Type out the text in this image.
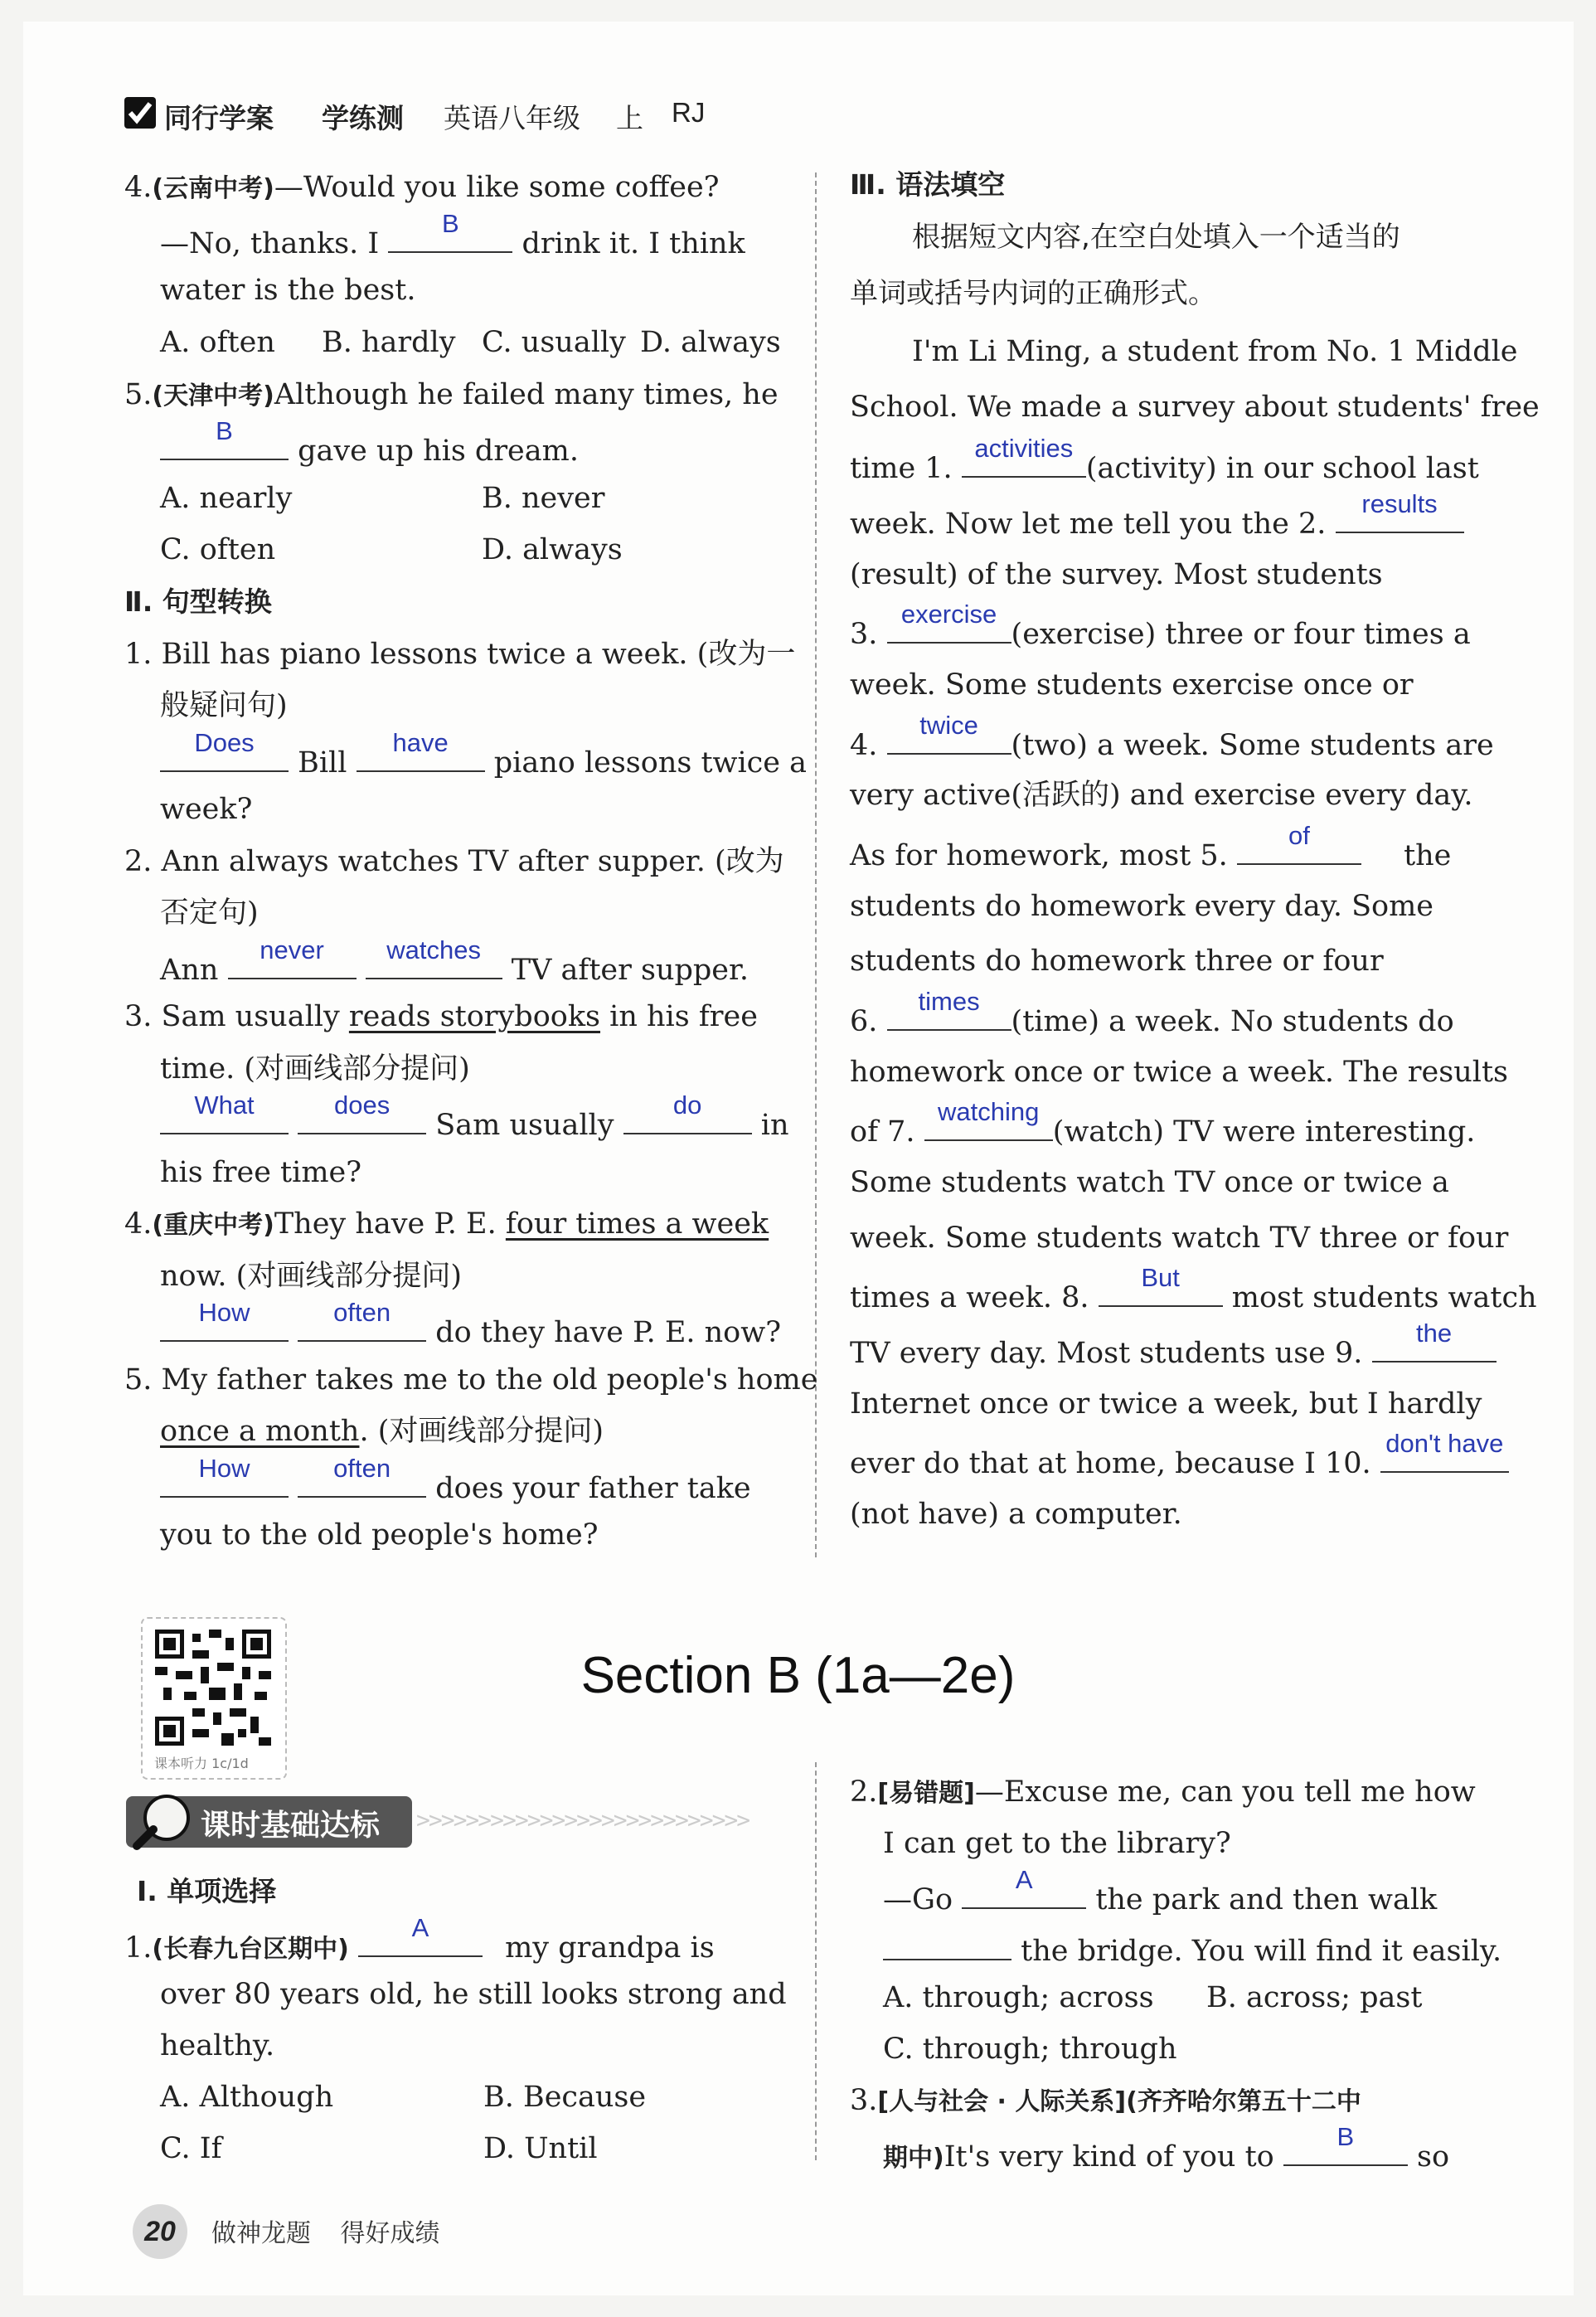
同行学案 学练测 英语八年级 上 RJ
4.(云南中考)—Would you like some coffee?
—No, thanks. I
B
drink it. I think
water is the best.
A. often B. hardly C. usually D. always
5.(天津中考)Although he failed many times, he
B
gave up his dream.
A. nearly	B. never
C. often	D. always
Ⅱ. 句型转换
1. Bill has piano lessons twice a week. (改为一
般疑问句)
Does
Bill
have
piano lessons twice a
week?
2. Ann always watches TV after supper. (改为
否定句)
Ann
never
	watches
TV after supper.
3. Sam usually reads storybooks in his free
time. (对画线部分提问)
What
	does
Sam usually
do
in
his free time?
4.(重庆中考)They have P. E. four times a week
now. (对画线部分提问)
How
	often
do they have P. E. now?
5. My father takes me to the old people's home
once a month. (对画线部分提问)
How
	often
does your father take
you to the old people's home?
Ⅲ. 语法填空
根据短文内容,在空白处填入一个适当的
单词或括号内词的正确形式。
I'm Li Ming, a student from No. 1 Middle
School. We made a survey about students' free
time 1.
activities
(activity) in our school last
week. Now let me tell you the 2.
results
(result) of the survey. Most students
3.
exercise
(exercise) three or four times a
week. Some students exercise once or
4.
twice
(two) a week. Some students are
very active(活跃的) and exercise every day.
As for homework, most 5.
of
the
students do homework every day. Some
students do homework three or four
6.
times
(time) a week. No students do
homework once or twice a week. The results
of 7.
watching
(watch) TV were interesting.
Some students watch TV once or twice a
week. Some students watch TV three or four
times a week. 8.
But
most students watch
TV every day. Most students use 9.
the
Internet once or twice a week, but I hardly
ever do that at home, because I 10.
don't have
(not have) a computer.
课本听力 1c/1d
Section B (1a—2e)
课时基础达标 >>>>>>>>>>>>>>>>>>>>>>>>>>>
Ⅰ. 单项选择
1.(长春九台区期中)
A
my grandpa is
over 80 years old, he still looks strong and
healthy.
A. Although	B. Because
C. If	D. Until
2.[易错题]—Excuse me, can you tell me how
I can get to the library?
—Go
A
the park and then walk
the bridge. You will find it easily.
A. through; across B. across; past
C. through; through
3.[人与社会 · 人际关系](齐齐哈尔第五十二中
期中)It's very kind of you to
B
so
20	做神龙题 得好成绩
